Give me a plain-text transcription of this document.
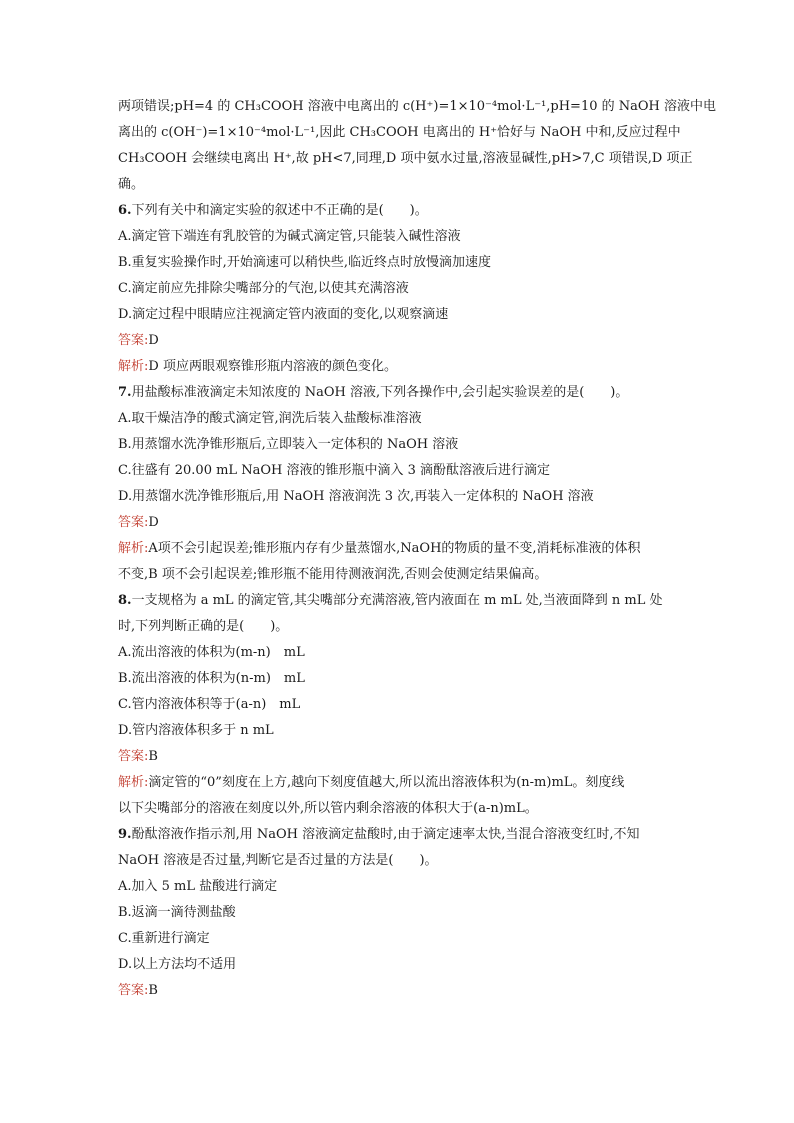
两项错误;pH=4 的 CH₃COOH 溶液中电离出的 c(H⁺)=1×10⁻⁴mol·L⁻¹,pH=10 的 NaOH 溶液中电
离出的 c(OH⁻)=1×10⁻⁴mol·L⁻¹,因此 CH₃COOH 电离出的 H⁺恰好与 NaOH 中和,反应过程中
CH₃COOH 会继续电离出 H⁺,故 pH<7,同理,D 项中氨水过量,溶液显碱性,pH>7,C 项错误,D 项正
确。
6.下列有关中和滴定实验的叙述中不正确的是(　　)。
A.滴定管下端连有乳胶管的为碱式滴定管,只能装入碱性溶液
B.重复实验操作时,开始滴速可以稍快些,临近终点时放慢滴加速度
C.滴定前应先排除尖嘴部分的气泡,以使其充满溶液
D.滴定过程中眼睛应注视滴定管内液面的变化,以观察滴速
答案:D
解析:D 项应两眼观察锥形瓶内溶液的颜色变化。
7.用盐酸标准液滴定未知浓度的 NaOH 溶液,下列各操作中,会引起实验误差的是(　　)。
A.取干燥洁净的酸式滴定管,润洗后装入盐酸标准溶液
B.用蒸馏水洗净锥形瓶后,立即装入一定体积的 NaOH 溶液
C.往盛有 20.00 mL NaOH 溶液的锥形瓶中滴入 3 滴酚酞溶液后进行滴定
D.用蒸馏水洗净锥形瓶后,用 NaOH 溶液润洗 3 次,再装入一定体积的 NaOH 溶液
答案:D
解析:A项不会引起误差;锥形瓶内存有少量蒸馏水,NaOH的物质的量不变,消耗标准液的体积
不变,B 项不会引起误差;锥形瓶不能用待测液润洗,否则会使测定结果偏高。
8.一支规格为 a mL 的滴定管,其尖嘴部分充满溶液,管内液面在 m mL 处,当液面降到 n mL 处
时,下列判断正确的是(　　)。
A.流出溶液的体积为(m-n)　mL
B.流出溶液的体积为(n-m)　mL
C.管内溶液体积等于(a-n)　mL
D.管内溶液体积多于 n mL
答案:B
解析:滴定管的“0”刻度在上方,越向下刻度值越大,所以流出溶液体积为(n-m)mL。刻度线
以下尖嘴部分的溶液在刻度以外,所以管内剩余溶液的体积大于(a-n)mL。
9.酚酞溶液作指示剂,用 NaOH 溶液滴定盐酸时,由于滴定速率太快,当混合溶液变红时,不知
NaOH 溶液是否过量,判断它是否过量的方法是(　　)。
A.加入 5 mL 盐酸进行滴定
B.返滴一滴待测盐酸
C.重新进行滴定
D.以上方法均不适用
答案:B
